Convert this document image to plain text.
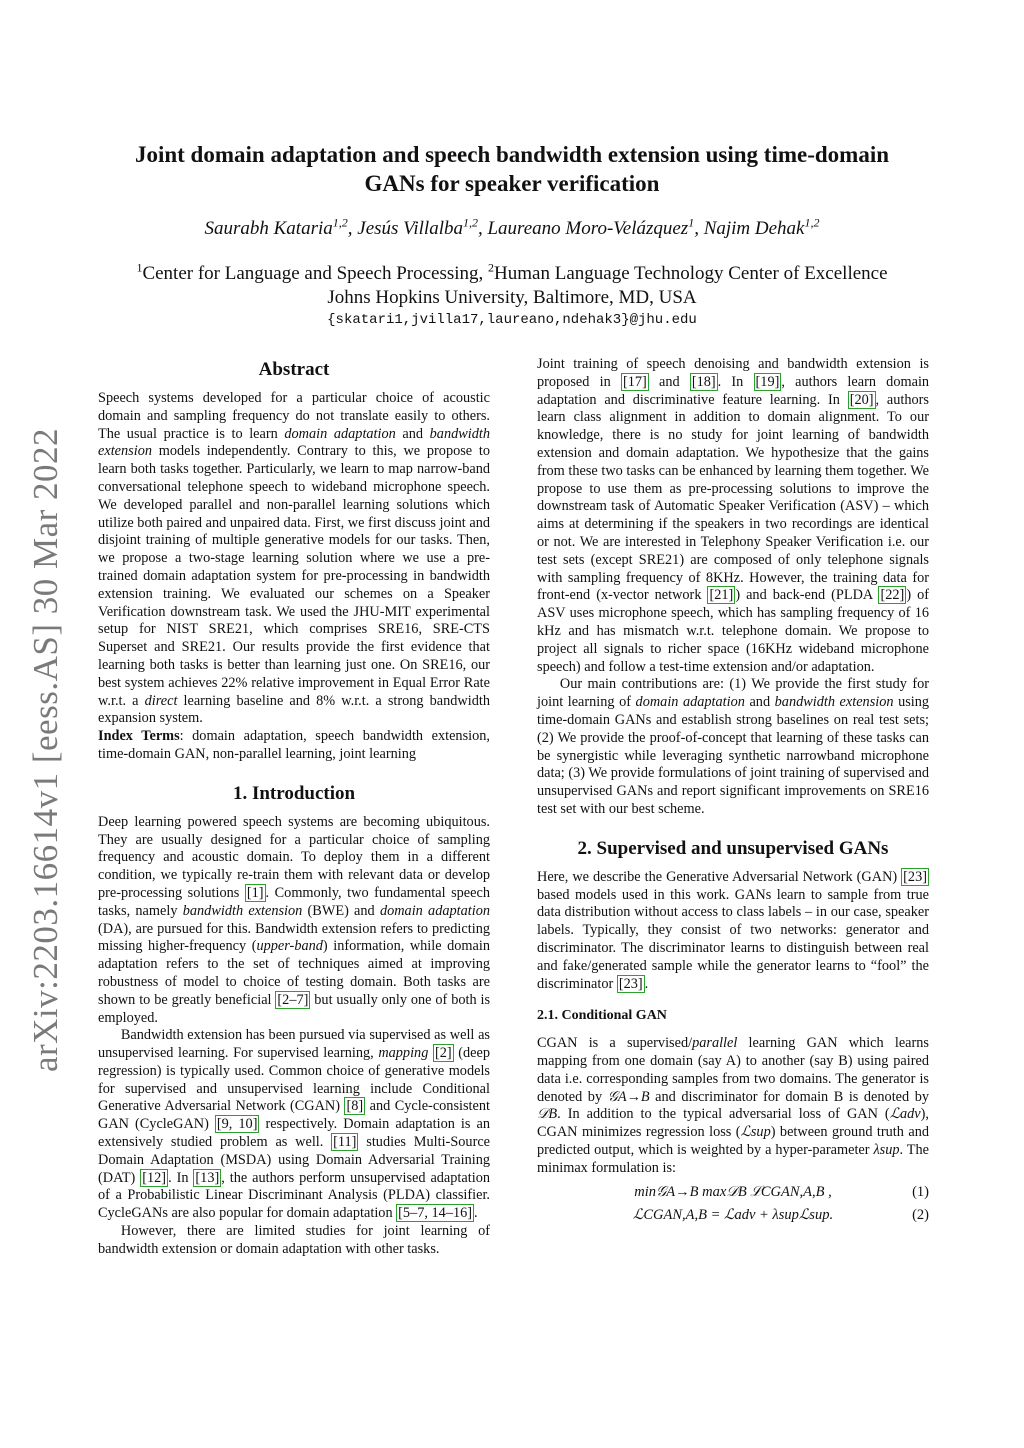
Joint domain adaptation and speech bandwidth extension using time-domain GANs for speaker verification
Saurabh Kataria$^{1,2}$, Jesús Villalba$^{1,2}$, Laureano Moro-Velázquez$^1$, Najim Dehak$^{1,2}$
$^1$Center for Language and Speech Processing, $^2$Human Language Technology Center of Excellence
Johns Hopkins University, Baltimore, MD, USA
{skatari1,jvilla17,laureano,ndehak3}@jhu.edu
arXiv:2203.16614v1 [eess.AS] 30 Mar 2022
Abstract

Speech systems developed for a particular choice of acoustic domain and sampling frequency do not translate easily to others. The usual practice is to learn domain adaptation and bandwidth extension models independently. Contrary to this, we propose to learn both tasks together. Particularly, we learn to map narrow-band conversational telephone speech to wideband microphone speech. We developed parallel and non-parallel learning solutions which utilize both paired and unpaired data. First, we first discuss joint and disjoint training of multiple generative models for our tasks. Then, we propose a two-stage learning solution where we use a pre-trained domain adaptation system for pre-processing in bandwidth extension training. We evaluated our schemes on a Speaker Verification downstream task. We used the JHU-MIT experimental setup for NIST SRE21, which comprises SRE16, SRE-CTS Superset and SRE21. Our results provide the first evidence that learning both tasks is better than learning just one. On SRE16, our best system achieves 22% relative improvement in Equal Error Rate w.r.t. a direct learning baseline and 8% w.r.t. a strong bandwidth expansion system.

Index Terms: domain adaptation, speech bandwidth extension, time-domain GAN, non-parallel learning, joint learning

1. Introduction

Deep learning powered speech systems are becoming ubiquitous. They are usually designed for a particular choice of sampling frequency and acoustic domain. To deploy them in a different condition, we typically re-train them with relevant data or develop pre-processing solutions [1] . Commonly, two fundamental speech tasks, namely bandwidth extension (BWE) and domain adaptation (DA), are pursued for this. Bandwidth extension refers to predicting missing higher-frequency (upper-band) information, while domain adaptation refers to the set of techniques aimed at improving robustness of model to choice of testing domain. Both tasks are shown to be greatly beneficial [2–7] but usually only one of both is employed.

Bandwidth extension has been pursued via supervised as well as unsupervised learning. For supervised learning, mapping [2] (deep regression) is typically used. Common choice of generative models for supervised and unsupervised learning include Conditional Generative Adversarial Network (CGAN) [8] and Cycle-consistent GAN (CycleGAN) [9, 10] respectively. Domain adaptation is an extensively studied problem as well. [11] studies Multi-Source Domain Adaptation (MSDA) using Domain Adversarial Training (DAT) [12] . In [13] , the authors perform unsupervised adaptation of a Probabilistic Linear Discriminant Analysis (PLDA) classifier. CycleGANs are also popular for domain adaptation [5–7, 14–16] .

However, there are limited studies for joint learning of bandwidth extension or domain adaptation with other tasks.

Joint training of speech denoising and bandwidth extension is proposed in [17] and [18] . In [19] , authors learn domain adaptation and discriminative feature learning. In [20] , authors learn class alignment in addition to domain alignment. To our knowledge, there is no study for joint learning of bandwidth extension and domain adaptation. We hypothesize that the gains from these two tasks can be enhanced by learning them together. We propose to use them as pre-processing solutions to improve the downstream task of Automatic Speaker Verification (ASV) – which aims at determining if the speakers in two recordings are identical or not. We are interested in Telephony Speaker Verification i.e. our test sets (except SRE21) are composed of only telephone signals with sampling frequency of 8KHz. However, the training data for front-end (x-vector network [21] ) and back-end (PLDA [22] ) of ASV uses microphone speech, which has sampling frequency of 16 kHz and has mismatch w.r.t. telephone domain. We propose to project all signals to richer space (16KHz wideband microphone speech) and follow a test-time extension and/or adaptation.

Our main contributions are: (1) We provide the first study for joint learning of domain adaptation and bandwidth extension using time-domain GANs and establish strong baselines on real test sets; (2) We provide the proof-of-concept that learning of these tasks can be synergistic while leveraging synthetic narrowband microphone data; (3) We provide formulations of joint training of supervised and unsupervised GANs and report significant improvements on SRE16 test set with our best scheme.

2. Supervised and unsupervised GANs

Here, we describe the Generative Adversarial Network (GAN) [23] based models used in this work. GANs learn to sample from true data distribution without access to class labels – in our case, speaker labels. Typically, they consist of two networks: generator and discriminator. The discriminator learns to distinguish between real and fake/generated sample while the generator learns to “fool” the discriminator [23] .

2.1. Conditional GAN

CGAN is a supervised/parallel learning GAN which learns mapping from one domain (say A) to another (say B) using paired data i.e. corresponding samples from two domains. The generator is denoted by 𝒢A→B and discriminator for domain B is denoted by 𝒟B. In addition to the typical adversarial loss of GAN (ℒadv), CGAN minimizes regression loss (ℒsup) between ground truth and predicted output, which is weighted by a hyper-parameter λsup. The minimax formulation is:

min𝒢A→B max𝒟B ℒCGAN,A,B ,	(1)
ℒCGAN,A,B = ℒadv + λsupℒsup.	(2)
